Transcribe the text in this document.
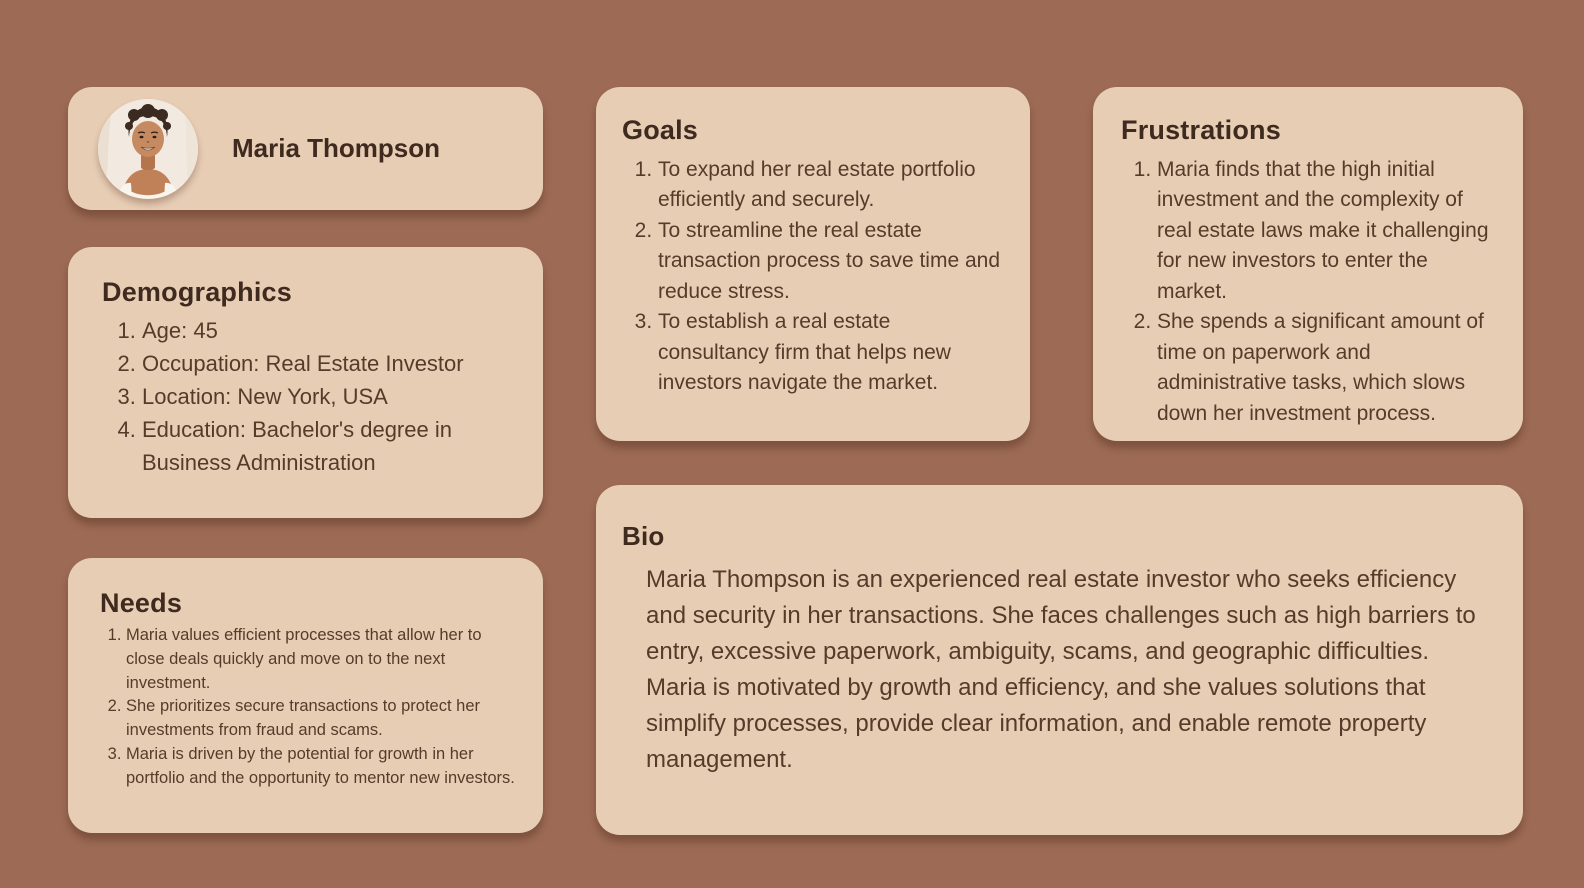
Maria Thompson
Demographics
1. Age: 45
2. Occupation: Real Estate Investor
3. Location: New York, USA
4. Education: Bachelor's degree in Business Administration
Needs
1. Maria values efficient processes that allow her to close deals quickly and move on to the next investment.
2. She prioritizes secure transactions to protect her investments from fraud and scams.
3. Maria is driven by the potential for growth in her portfolio and the opportunity to mentor new investors.
Goals
1. To expand her real estate portfolio efficiently and securely.
2. To streamline the real estate transaction process to save time and reduce stress.
3. To establish a real estate consultancy firm that helps new investors navigate the market.
Frustrations
1. Maria finds that the high initial investment and the complexity of real estate laws make it challenging for new investors to enter the market.
2. She spends a significant amount of time on paperwork and administrative tasks, which slows down her investment process.
Bio

Maria Thompson is an experienced real estate investor who seeks efficiency and security in her transactions. She faces challenges such as high barriers to entry, excessive paperwork, ambiguity, scams, and geographic difficulties. Maria is motivated by growth and efficiency, and she values solutions that simplify processes, provide clear information, and enable remote property management.
